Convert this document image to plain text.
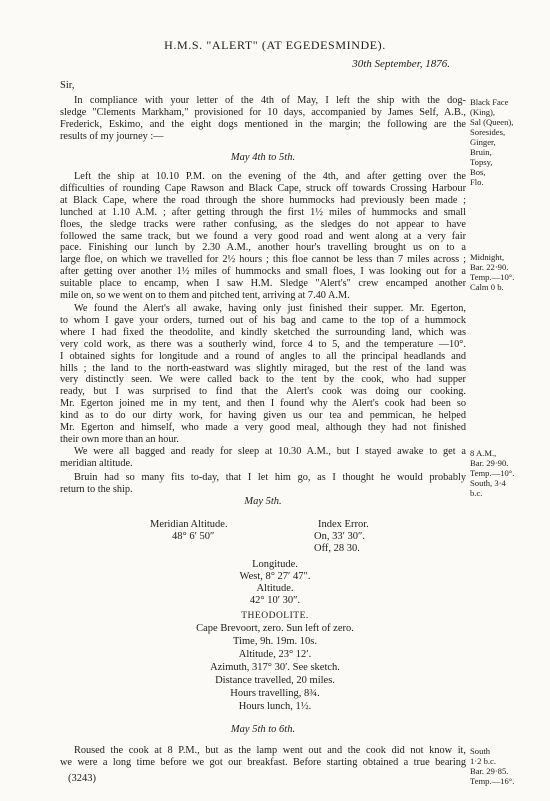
H.M.S. "ALERT" (AT EGEDESMINDE).
30th September, 1876.
Sir,
In compliance with your letter of the 4th of May, I left the ship with the dog-
sledge "Clements Markham," provisioned for 10 days, accompanied by James Self, A.B.,
Frederick, Eskimo, and the eight dogs mentioned in the margin; the following are the
results of my journey :—
Black Face
(King),
Sal (Queen),
Soresides,
Ginger,
Bruin,
Topsy,
Bos,
Flo.
May 4th to 5th.
Left the ship at 10.10 P.M. on the evening of the 4th, and after getting over the
difficulties of rounding Cape Rawson and Black Cape, struck off towards Crossing Harbour
at Black Cape, where the road through the shore hummocks had previously been made ;
lunched at 1.10 A.M. ; after getting through the first 1½ miles of hummocks and small
floes, the sledge tracks were rather confusing, as the sledges do not appear to have
followed the same track, but we found a very good road and went along at a very fair
pace. Finishing our lunch by 2.30 A.M., another hour's travelling brought us on to a
large floe, on which we travelled for 2½ hours ; this floe cannot be less than 7 miles across ;
after getting over another 1½ miles of hummocks and small floes, I was looking out for a
suitable place to encamp, when I saw H.M. Sledge "Alert's" crew encamped another
mile on, so we went on to them and pitched tent, arriving at 7.40 A.M.
Midnight,
Bar. 22·90.
Temp.—10°.
Calm 0 b.
We found the Alert's all awake, having only just finished their supper. Mr. Egerton,
to whom I gave your orders, turned out of his bag and came to the top of a hummock
where I had fixed the theodolite, and kindly sketched the surrounding land, which was
very cold work, as there was a southerly wind, force 4 to 5, and the temperature —10°.
I obtained sights for longitude and a round of angles to all the principal headlands and
hills ; the land to the north-eastward was slightly miraged, but the rest of the land was
very distinctly seen. We were called back to the tent by the cook, who had supper
ready, but I was surprised to find that the Alert's cook was doing our cooking.
Mr. Egerton joined me in my tent, and then I found why the Alert's cook had been so
kind as to do our dirty work, for having given us our tea and pemmican, he helped
Mr. Egerton and himself, who made a very good meal, although they had not finished
their own more than an hour.
We were all bagged and ready for sleep at 10.30 A.M., but I stayed awake to get a
meridian altitude.
8 A.M.,
Bar. 29·90.
Temp.—10°.
South, 3·4
b.c.
Bruin had so many fits to-day, that I let him go, as I thought he would probably
return to the ship.
May 5th.
Meridian Altitude.
48° 6′ 50″
Index Error.
On, 33′ 30″.
Off, 28 30.
Longitude.
West, 8° 27′ 47″.
Altitude.
42° 10′ 30″.
THEODOLITE.
Cape Brevoort, zero. Sun left of zero.
Time, 9h. 19m. 10s.
Altitude, 23° 12′.
Azimuth, 317° 30′. See sketch.
Distance travelled, 20 miles.
Hours travelling, 8¾.
Hours lunch, 1½.
May 5th to 6th.
Roused the cook at 8 P.M., but as the lamp went out and the cook did not know it,
we were a long time before we got our breakfast. Before starting obtained a true bearing
South
1·2 b.c.
Bar. 29·85.
Temp.—16°.
(3243)
